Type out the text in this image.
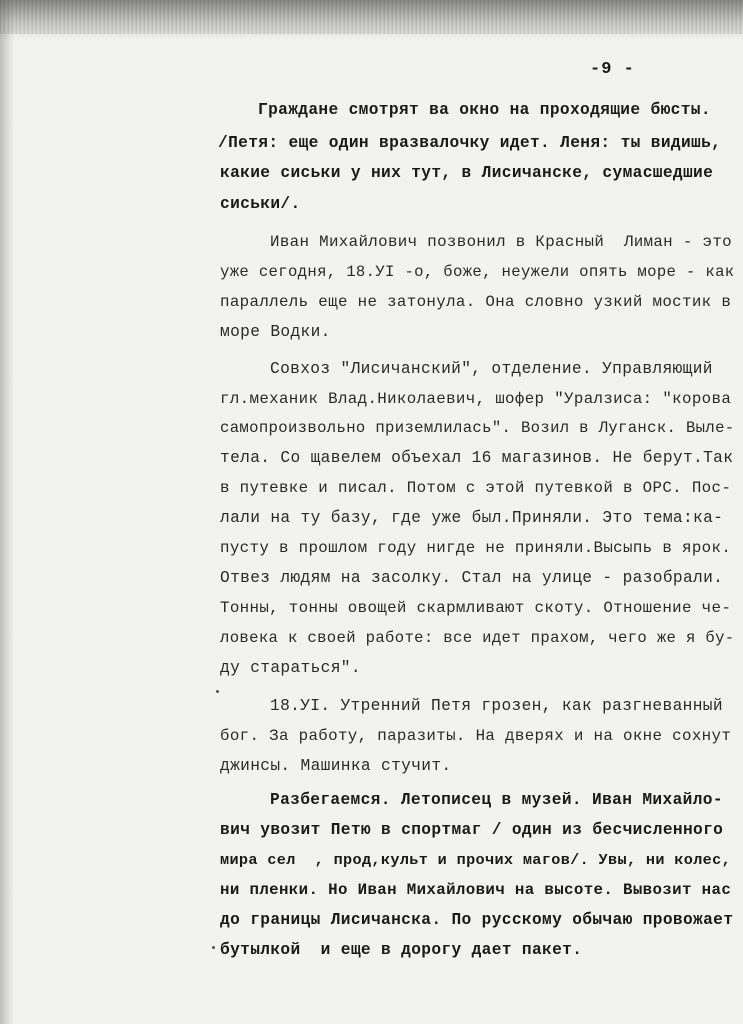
-9 -
Граждане смотрят ва окно на проходящие бюсты.
/Петя: еще один вразвалочку идет. Леня: ты видишь,
какие сиськи у них тут, в Лисичанске, сумасшедшие
сиськи/.
Иван Михайлович позвонил в Красный  Лиман - это
уже сегодня, 18.УI -о, боже, неужели опять море - как
параллель еще не затонула. Она словно узкий мостик в
море Водки.
Совхоз "Лисичанский", отделение. Управляющий
гл.механик Влад.Николаевич, шофер "Уралзиса: "корова
самопроизвольно приземлилась". Возил в Луганск. Выле-
тела. Со щавелем объехал 16 магазинов. Не берут.Так
в путевке и писал. Потом с этой путевкой в ОРС. Пос-
лали на ту базу, где уже был.Приняли. Это тема:ка-
пусту в прошлом году нигде не приняли.Высыпь в ярок.
Отвез людям на засолку. Стал на улице - разобрали.
Тонны, тонны овощей скармливают скоту. Отношение че-
ловека к своей работе: все идет прахом, чего же я бу-
ду стараться".
18.УI. Утренний Петя грозен, как разгневанный
бог. За работу, паразиты. На дверях и на окне сохнут
джинсы. Машинка стучит.
Разбегаемся. Летописец в музей. Иван Михайло-
вич увозит Петю в спортмаг / один из бесчисленного
мира сел  , прод,культ и прочих магов/. Увы, ни колес,
ни пленки. Но Иван Михайлович на высоте. Вывозит нас
до границы Лисичанска. По русскому обычаю провожает
бутылкой  и еще в дорогу дает пакет.
